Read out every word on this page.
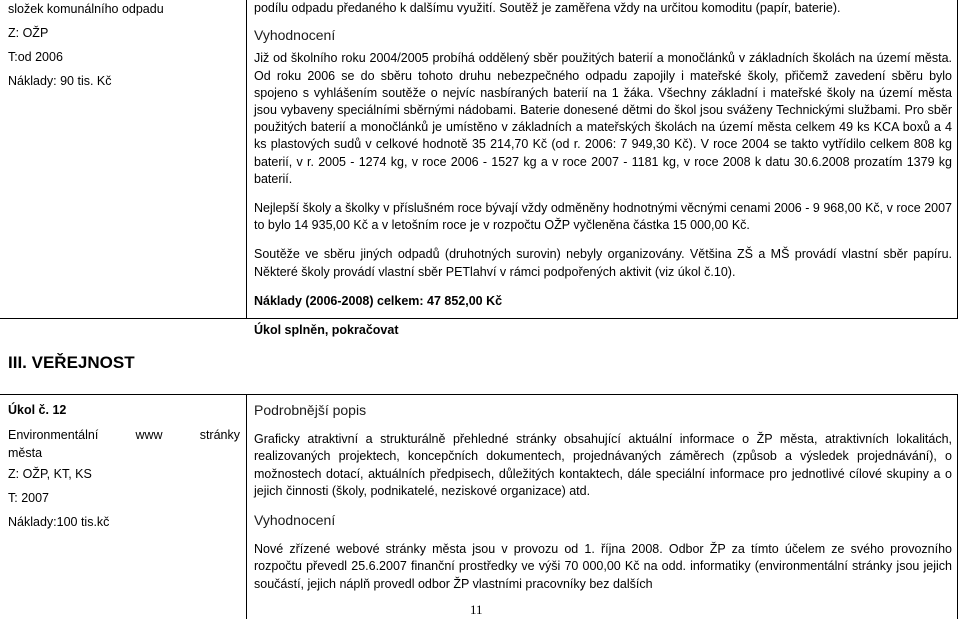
složek komunálního odpadu
Z: OŽP
T:od 2006
Náklady: 90 tis. Kč

podílu odpadu předaného k dalšímu využití. Soutěž je zaměřena vždy na určitou komoditu (papír, baterie).

Vyhodnocení

Již od školního roku 2004/2005 probíhá oddělený sběr použitých baterií a monočlánků v základních školách na území města. Od roku 2006 se do sběru tohoto druhu nebezpečného odpadu zapojily i mateřské školy, přičemž zavedení sběru bylo spojeno s vyhlášením soutěže o nejvíc nasbíraných baterií na 1 žáka. Všechny základní i mateřské školy na území města jsou vybaveny speciálními sběrnými nádobami. Baterie donesené dětmi do škol jsou sváženy Technickými službami. Pro sběr použitých baterií a monočlánků je umístěno v základních a mateřských školách na území města celkem 49 ks KCA boxů a 4 ks plastových sudů v celkové hodnotě 35 214,70 Kč (od r. 2006: 7 949,30 Kč). V roce 2004 se takto vytřídilo celkem 808 kg baterií, v r. 2005 - 1274 kg, v roce 2006 - 1527 kg a v roce 2007 - 1181 kg, v roce 2008 k datu 30.6.2008 prozatím 1379 kg baterií.

Nejlepší školy a školky v příslušném roce bývají vždy odměněny hodnotnými věcnými cenami 2006 - 9 968,00 Kč, v roce 2007 to bylo 14 935,00 Kč a v letošním roce je v rozpočtu OŽP vyčleněna částka 15 000,00 Kč.

Soutěže ve sběru jiných odpadů (druhotných surovin) nebyly organizovány. Většina ZŠ a MŠ provádí vlastní sběr papíru. Některé školy provádí vlastní sběr PETlahví v rámci podpořených aktivit (viz úkol č.10).

Náklady (2006-2008) celkem: 47 852,00 Kč

Úkol splněn, pokračovat

III. VEŘEJNOST
Úkol č. 12
Environmentální	www	stránky
města
Z: OŽP, KT, KS
T: 2007
Náklady:100 tis.kč

Podrobnější popis

Graficky atraktivní a strukturálně přehledné stránky obsahující aktuální informace o ŽP města, atraktivních lokalitách, realizovaných projektech, koncepčních dokumentech, projednávaných záměrech (způsob a výsledek projednávání), o možnostech dotací, aktuálních předpisech, důležitých kontaktech, dále speciální informace pro jednotlivé cílové skupiny a o jejich činnosti (školy, podnikatelé, neziskové organizace) atd.

Vyhodnocení

Nové zřízené webové stránky města jsou v provozu od 1. října 2008. Odbor ŽP za tímto účelem ze svého provozního rozpočtu převedl 25.6.2007 finanční prostředky ve výši 70 000,00 Kč na odd. informatiky (environmentální stránky jsou jejich součástí, jejich náplň provedl odbor ŽP vlastními pracovníky bez dalších

11
